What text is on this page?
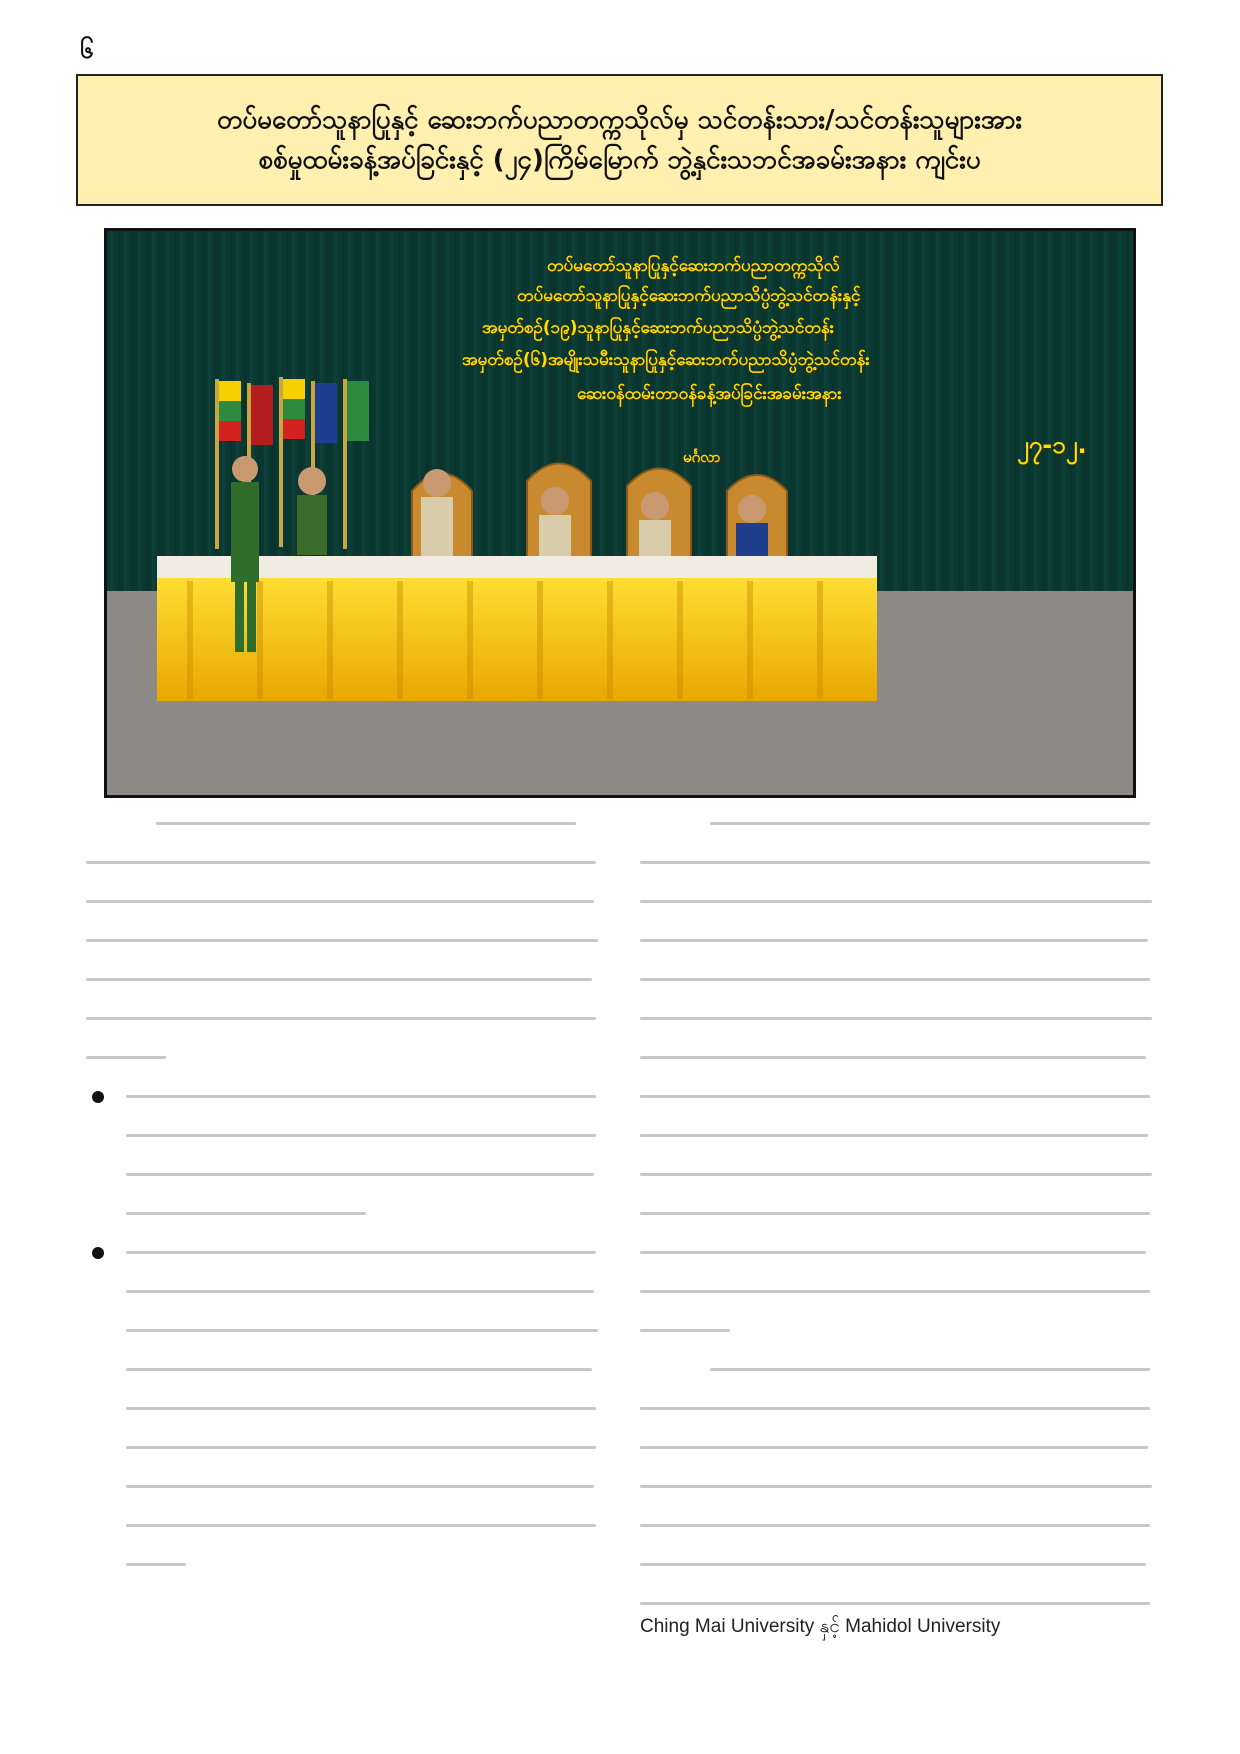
၆
တပ်မတော်သူနာပြုနှင့် ဆေးဘက်ပညာတက္ကသိုလ်မှ သင်တန်းသား/သင်တန်းသူများအား
စစ်မှုထမ်းခန့်အပ်ခြင်းနှင့် (၂၄)ကြိမ်မြောက် ဘွဲ့နှင်းသဘင်အခမ်းအနား ကျင်းပ
တပ်မတော်သူနာပြုနှင့်ဆေးဘက်ပညာတက္ကသိုလ်
တပ်မတော်သူနာပြုနှင့်ဆေးဘက်ပညာသိပ္ပံဘွဲ့သင်တန်းနှင့်
အမှတ်စဉ်(၁၉)သူနာပြုနှင့်ဆေးဘက်ပညာသိပ္ပံဘွဲ့သင်တန်း
အမှတ်စဉ်(၆)အမျိုးသမီးသူနာပြုနှင့်ဆေးဘက်ပညာသိပ္ပံဘွဲ့သင်တန်း
ဆေးဝန်ထမ်းတာဝန်ခန့်အပ်ခြင်းအခမ်းအနား
၂၇-၁၂.
မင်္ဂလာ
Ching Mai University နှင့် Mahidol University
